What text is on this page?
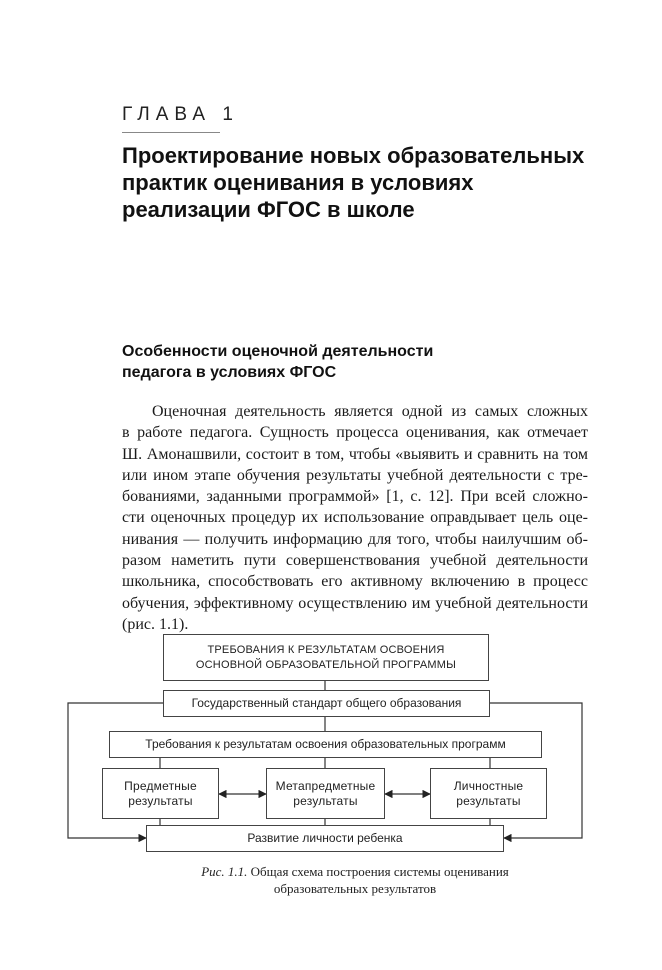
ГЛАВА 1
Проектирование новых образовательных
практик оценивания в условиях
реализации ФГОС в школе
Особенности оценочной деятельности
педагога в условиях ФГОС
Оценочная деятельность является одной из самых сложных
в работе педагога. Сущность процесса оценивания, как отмечает
Ш. Амонашвили, состоит в том, чтобы «выявить и сравнить на том
или ином этапе обучения результаты учебной деятельности с тре-
бованиями, заданными программой» [1, с. 12]. При всей сложно-
сти оценочных процедур их использование оправдывает цель оце-
нивания — получить информацию для того, чтобы наилучшим об-
разом наметить пути совершенствования учебной деятельности
школьника, способствовать его активному включению в процесс
обучения, эффективному осуществлению им учебной деятельности
(рис. 1.1).
ТРЕБОВАНИЯ К РЕЗУЛЬТАТАМ ОСВОЕНИЯ
ОСНОВНОЙ ОБРАЗОВАТЕЛЬНОЙ ПРОГРАММЫ
Государственный стандарт общего образования
Требования к результатам освоения образовательных программ
Предметные
результаты
Метапредметные
результаты
Личностные
результаты
Развитие личности ребенка
Рис. 1.1. Общая схема построения системы оценивания
образовательных результатов
